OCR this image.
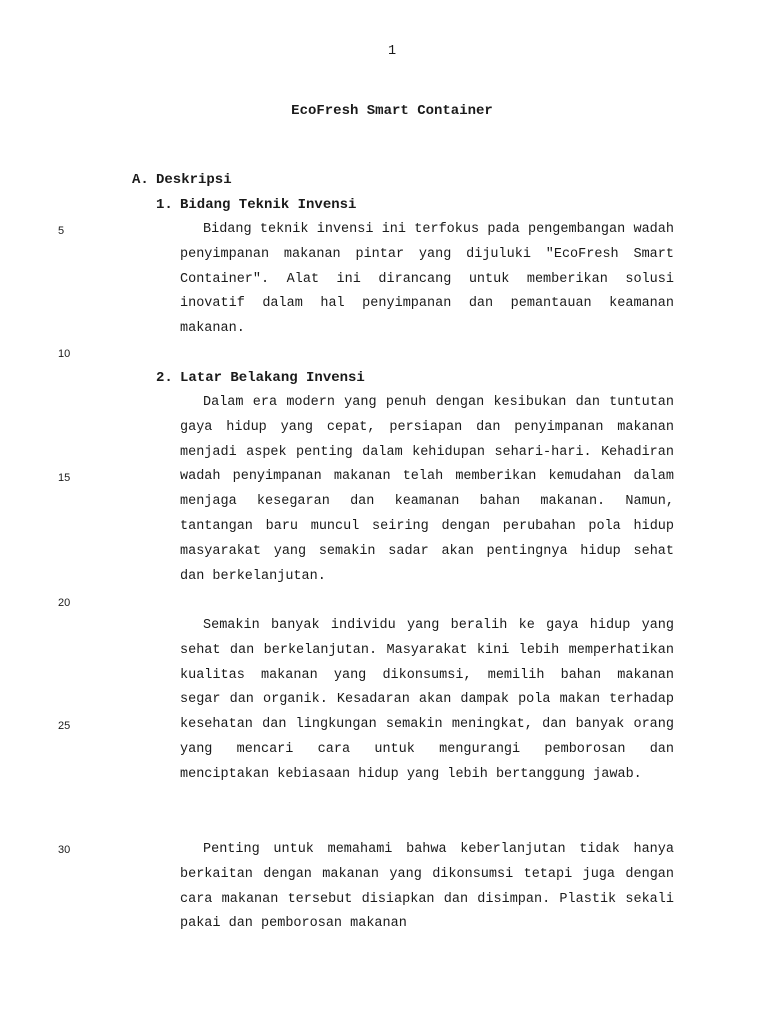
1
EcoFresh Smart Container
A. Deskripsi
1. Bidang Teknik Invensi

Bidang teknik invensi ini terfokus pada pengembangan wadah penyimpanan makanan pintar yang dijuluki "EcoFresh Smart Container". Alat ini dirancang untuk memberikan solusi inovatif dalam hal penyimpanan dan pemantauan keamanan makanan.

2. Latar Belakang Invensi

Dalam era modern yang penuh dengan kesibukan dan tuntutan gaya hidup yang cepat, persiapan dan penyimpanan makanan menjadi aspek penting dalam kehidupan sehari-hari. Kehadiran wadah penyimpanan makanan telah memberikan kemudahan dalam menjaga kesegaran dan keamanan bahan makanan. Namun, tantangan baru muncul seiring dengan perubahan pola hidup masyarakat yang semakin sadar akan pentingnya hidup sehat dan berkelanjutan.

Semakin banyak individu yang beralih ke gaya hidup yang sehat dan berkelanjutan. Masyarakat kini lebih memperhatikan kualitas makanan yang dikonsumsi, memilih bahan makanan segar dan organik. Kesadaran akan dampak pola makan terhadap kesehatan dan lingkungan semakin meningkat, dan banyak orang yang mencari cara untuk mengurangi pemborosan dan menciptakan kebiasaan hidup yang lebih bertanggung jawab.

Penting untuk memahami bahwa keberlanjutan tidak hanya berkaitan dengan makanan yang dikonsumsi tetapi juga dengan cara makanan tersebut disiapkan dan disimpan. Plastik sekali pakai dan pemborosan makanan

5
10
15
20
25
30
